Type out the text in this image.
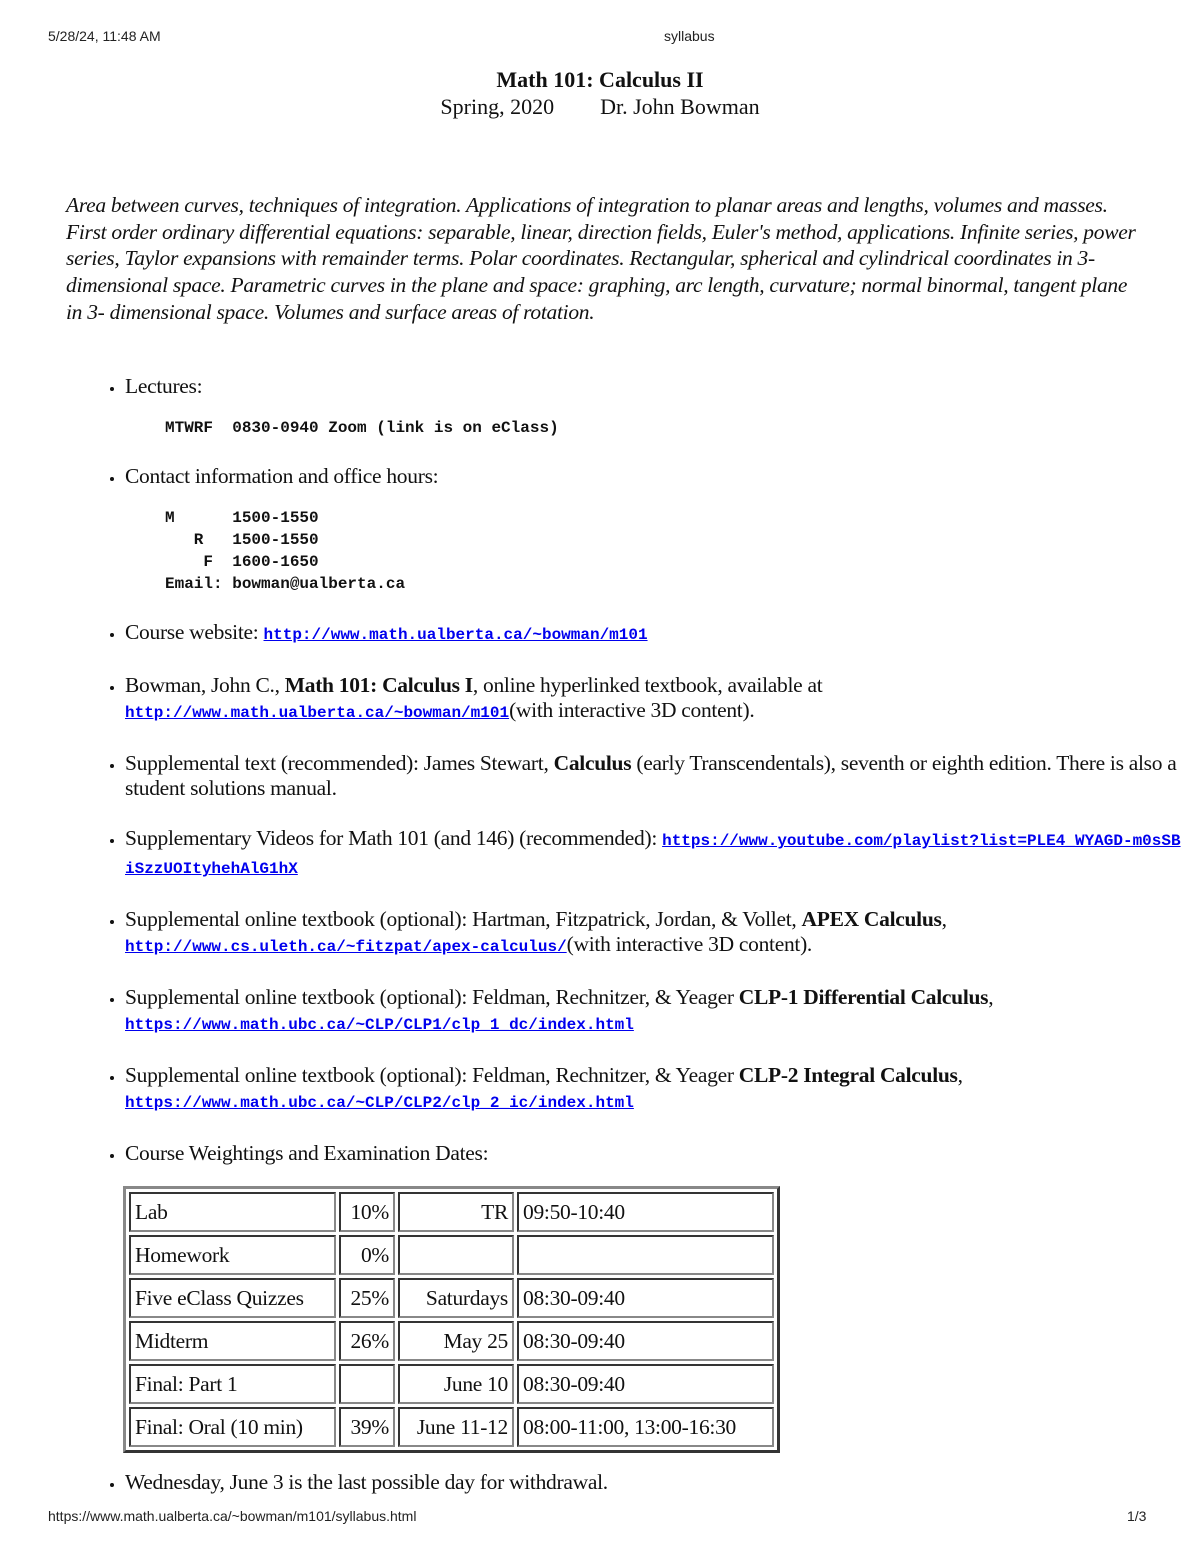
5/28/24, 11:48 AM	syllabus
Math 101: Calculus II
Spring, 2020 Dr. John Bowman
Area between curves, techniques of integration. Applications of integration to planar areas and lengths, volumes and masses. First order ordinary differential equations: separable, linear, direction fields, Euler's method, applications. Infinite series, power series, Taylor expansions with remainder terms. Polar coordinates. Rectangular, spherical and cylindrical coordinates in 3-dimensional space. Parametric curves in the plane and space: graphing, arc length, curvature; normal binormal, tangent plane in 3- dimensional space. Volumes and surface areas of rotation.
• Lectures:
MTWRF  0830-0940 Zoom (link is on eClass)
• Contact information and office hours:
M      1500-1550
R   1500-1550
F  1600-1650
Email: bowman@ualberta.ca
• Course website: http://www.math.ualberta.ca/~bowman/m101
• Bowman, John C., Math 101: Calculus I, online hyperlinked textbook, available at
http://www.math.ualberta.ca/~bowman/m101(with interactive 3D content).
• Supplemental text (recommended): James Stewart, Calculus (early Transcendentals), seventh or eighth edition. There is also a student solutions manual.
• Supplementary Videos for Math 101 (and 146) (recommended): https://www.youtube.com/playlist?list=PLE4_WYAGD-m0sSBiSzzUOItyhehAlG1hX
• Supplemental online textbook (optional): Hartman, Fitzpatrick, Jordan, & Vollet, APEX Calculus,
http://www.cs.uleth.ca/~fitzpat/apex-calculus/(with interactive 3D content).
• Supplemental online textbook (optional): Feldman, Rechnitzer, & Yeager CLP-1 Differential Calculus,
https://www.math.ubc.ca/~CLP/CLP1/clp_1_dc/index.html
• Supplemental online textbook (optional): Feldman, Rechnitzer, & Yeager CLP-2 Integral Calculus,
https://www.math.ubc.ca/~CLP/CLP2/clp_2_ic/index.html
• Course Weightings and Examination Dates:
Lab	10%	TR	09:50-10:40
Homework	0%		
Five eClass Quizzes	25%	Saturdays	08:30-09:40
Midterm	26%	May 25	08:30-09:40
Final: Part 1		June 10	08:30-09:40
Final: Oral (10 min)	39%	June 11-12	08:00-11:00, 13:00-16:30
• Wednesday, June 3 is the last possible day for withdrawal.
https://www.math.ualberta.ca/~bowman/m101/syllabus.html	1/3
